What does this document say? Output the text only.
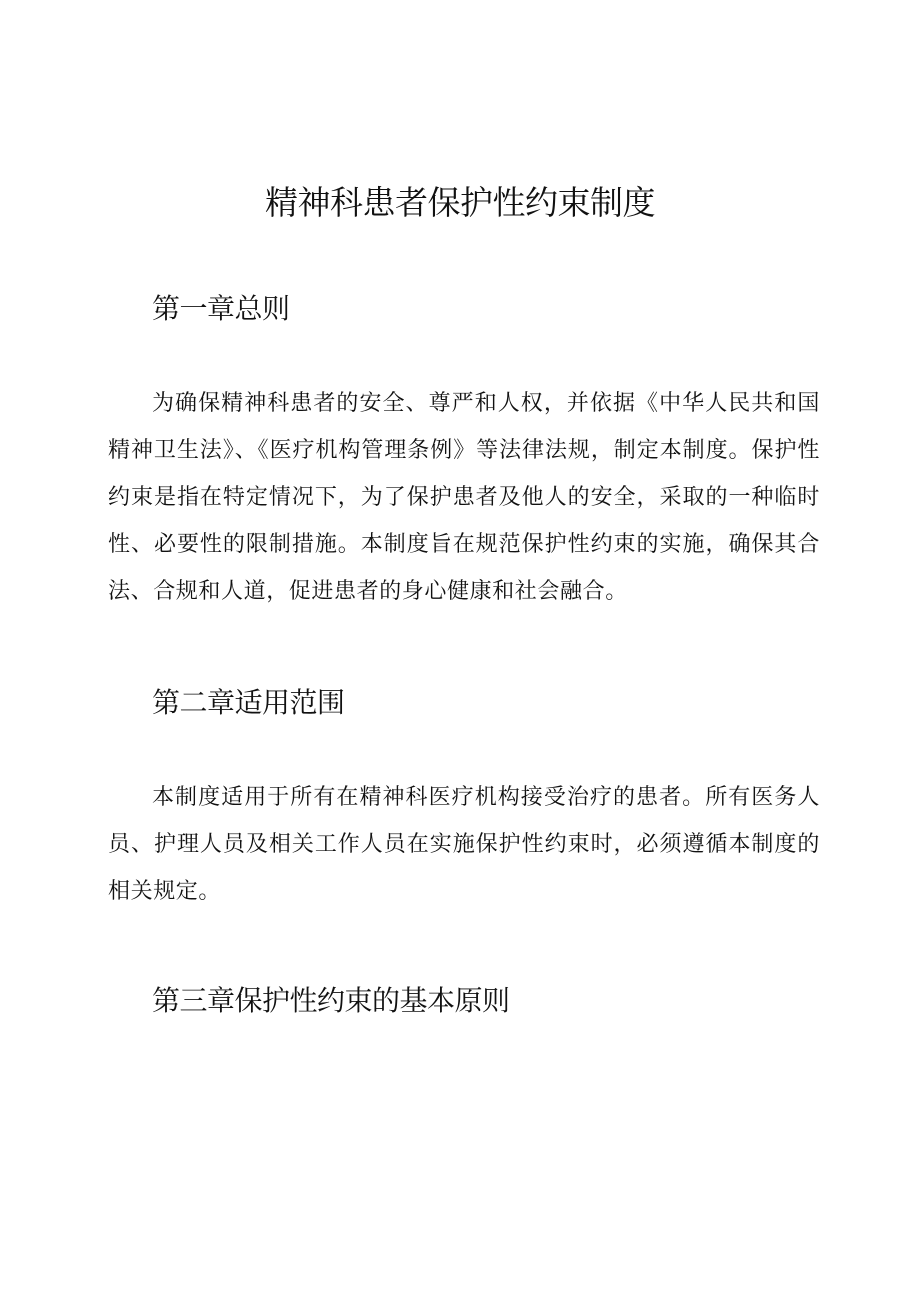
精神科患者保护性约束制度
第一章总则

为确保精神科患者的安全、尊严和人权，并依据《中华人民共和国精神卫生法》、《医疗机构管理条例》等法律法规，制定本制度。保护性约束是指在特定情况下，为了保护患者及他人的安全，采取的一种临时性、必要性的限制措施。本制度旨在规范保护性约束的实施，确保其合法、合规和人道，促进患者的身心健康和社会融合。

第二章适用范围

本制度适用于所有在精神科医疗机构接受治疗的患者。所有医务人员、护理人员及相关工作人员在实施保护性约束时，必须遵循本制度的相关规定。

第三章保护性约束的基本原则
